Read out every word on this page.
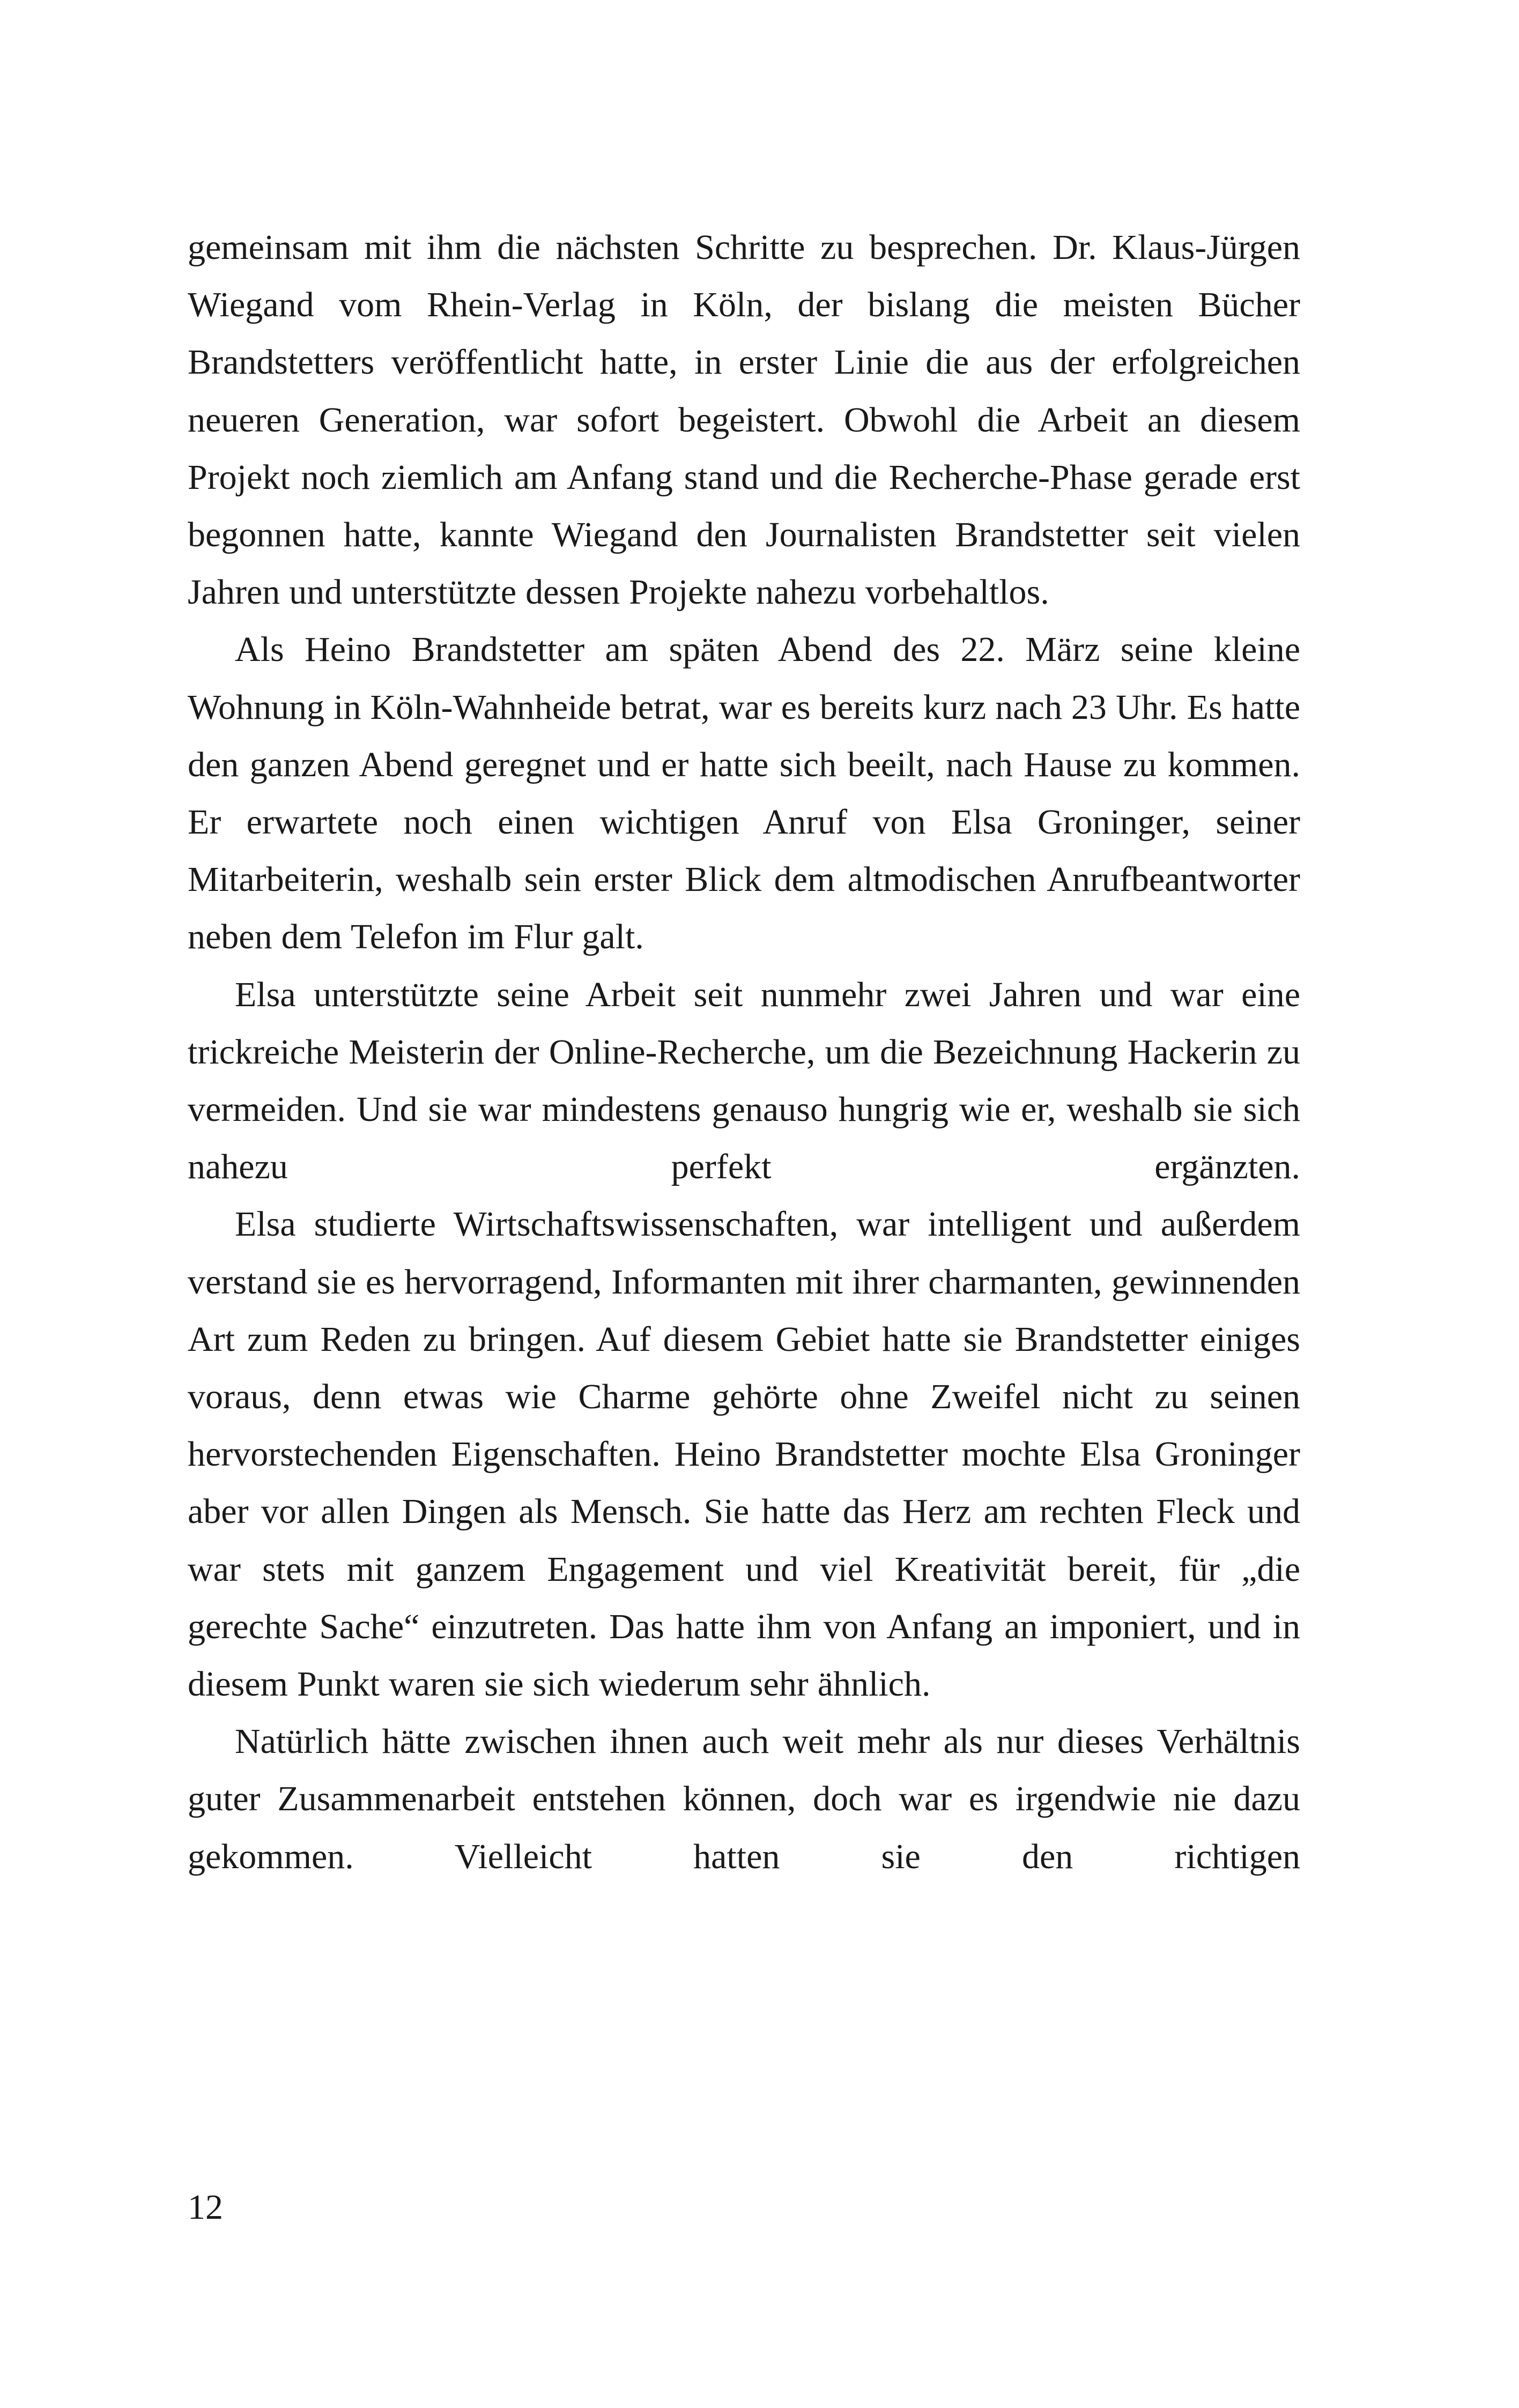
gemeinsam mit ihm die nächsten Schritte zu besprechen. Dr. Klaus-Jürgen Wiegand vom Rhein-Verlag in Köln, der bislang die meisten Bücher Brandstetters veröffentlicht hatte, in erster Linie die aus der erfolgreichen neueren Generation, war sofort begeistert. Obwohl die Arbeit an diesem Projekt noch ziemlich am Anfang stand und die Recherche-Phase gerade erst begonnen hatte, kannte Wiegand den Journalisten Brandstetter seit vielen Jahren und unterstützte dessen Projekte nahezu vorbehaltlos.

Als Heino Brandstetter am späten Abend des 22. März seine kleine Wohnung in Köln-Wahnheide betrat, war es bereits kurz nach 23 Uhr. Es hatte den ganzen Abend geregnet und er hatte sich beeilt, nach Hause zu kommen. Er erwartete noch einen wichtigen Anruf von Elsa Groninger, seiner Mitarbeiterin, weshalb sein erster Blick dem altmodischen Anrufbeantworter neben dem Telefon im Flur galt.

Elsa unterstützte seine Arbeit seit nunmehr zwei Jahren und war eine trickreiche Meisterin der Online-Recherche, um die Bezeichnung Hackerin zu vermeiden. Und sie war mindestens genauso hungrig wie er, weshalb sie sich nahezu perfekt ergänzten.

Elsa studierte Wirtschaftswissenschaften, war intelligent und außerdem verstand sie es hervorragend, Informanten mit ihrer charmanten, gewinnenden Art zum Reden zu bringen. Auf diesem Gebiet hatte sie Brandstetter einiges voraus, denn etwas wie Charme gehörte ohne Zweifel nicht zu seinen hervorstechenden Eigenschaften. Heino Brandstetter mochte Elsa Groninger aber vor allen Dingen als Mensch. Sie hatte das Herz am rechten Fleck und war stets mit ganzem Engagement und viel Kreativität bereit, für „die gerechte Sache“ einzutreten. Das hatte ihm von Anfang an imponiert, und in diesem Punkt waren sie sich wiederum sehr ähnlich.

Natürlich hätte zwischen ihnen auch weit mehr als nur dieses Verhältnis guter Zusammenarbeit entstehen können, doch war es irgendwie nie dazu gekommen. Vielleicht hatten sie den richtigen

12
